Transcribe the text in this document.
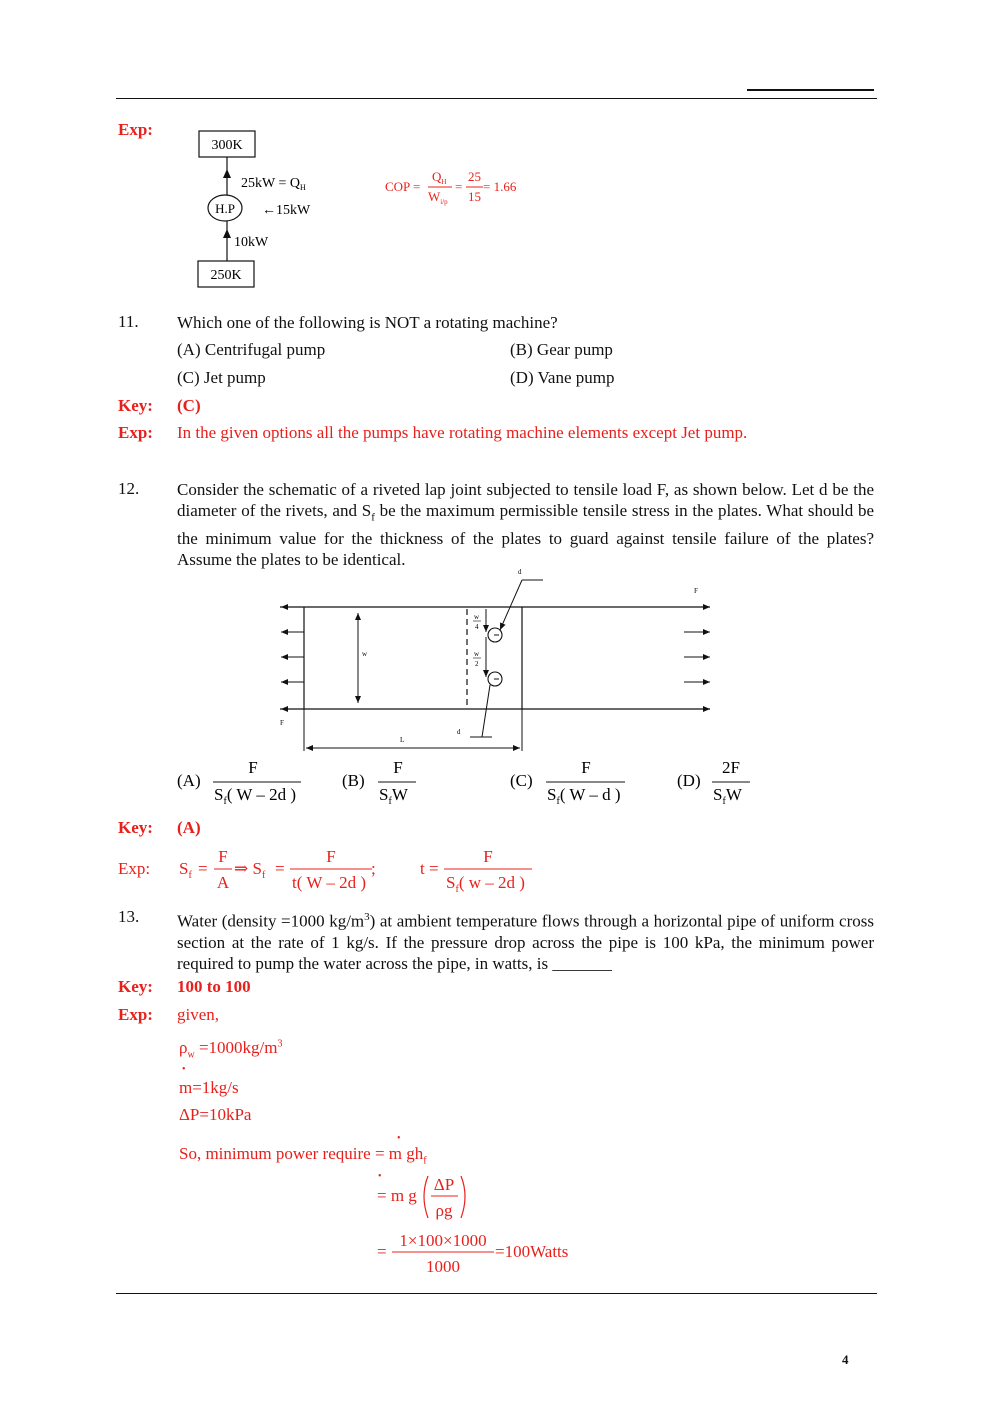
Exp:
300K
$25kW = Q_H$
H.P ←15kW
10kW
250K
COP =
$Q_H$
$W_{i/p}$
=
25
15
= 1.66
11. Which one of the following is NOT a rotating machine?
(A) Centrifugal pump	(B) Gear pump
(C) Jet pump	(D) Vane pump
Key: (C)
Exp: In the given options all the pumps have rotating machine elements except Jet pump.
12. Consider the schematic of a riveted lap joint subjected to tensile load F, as shown below. Let d be the diameter of the rivets, and $S_f$ be the maximum permissible tensile stress in the plates. What should be the minimum value for the thickness of the plates to guard against tensile failure of the plates? Assume the plates to be identical.
w
w
4
w
2
d
d
F
F
L
(A)
F
$S_f$( W – 2d )
(B)
F
$S_fW$
(C)
F
$S_f$( W – d )
(D)
2F
$S_fW$
Key: (A)
Exp: $S_f$ =
F
A
⇒ $S_f$ =
F
t( W – 2d )
;	t =
F
$S_f$( w – 2d )
13. Water (density =1000 $kg/m^3$) at ambient temperature flows through a horizontal pipe of uniform cross section at the rate of 1 kg/s. If the pressure drop across the pipe is 100 kPa, the minimum power required to pump the water across the pipe, in watts, is _______
Key: 100 to 100
Exp: given,
$\rho_w =1000kg/m^3$
•
m=1kg/s
ΔP=10kPa
•
So, minimum power require = m $gh_f$
•
= m g
ΔP
ρg
=
1×100×1000
1000
=100Watts
4
